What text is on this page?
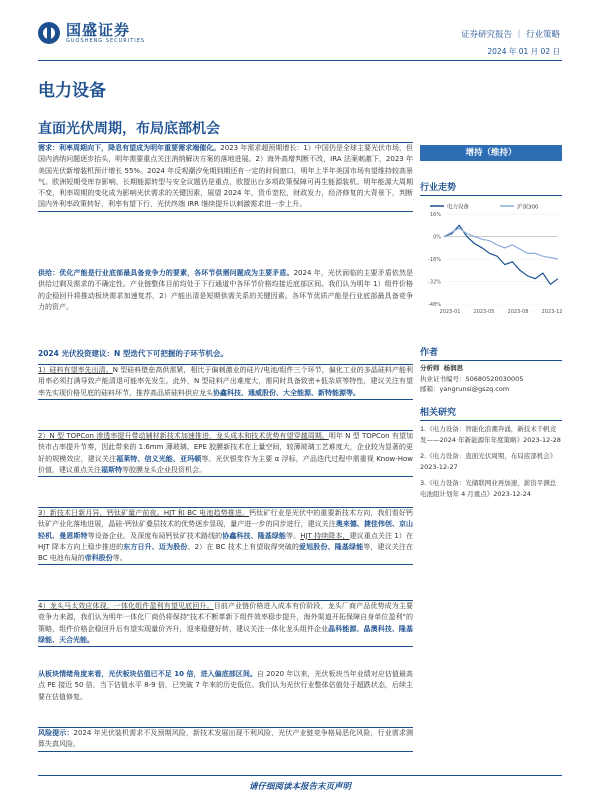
国盛证券
GUOSHENG SECURITIES
证券研究报告 ｜ 行业策略
2024 年 01 月 02 日
电力设备
直面光伏周期，布局底部机会
需求：利率周期向下，降息有望成为明年重要需求端催化。2023 年需求超预期增长：1）中国仍是全球主要光伏市场，但国内消纳问题逐步抬头，明年需要重点关注消纳解决方案的落地进展。2）海外高增判断不改，IRA 法案刺激下，2023 年美国光伏新增装机预计增长 55%。2024 年反观潮汐免期到期还有一定的时间窗口，明年上半年美国市场有望维持较高景气。欧洲短期受库存影响，长期能源转型与安全议题仍是重点，欧盟出台多项政策保障可再生能源装机。明年能源大周期不变，利率周期的变化成为影响光伏需求的关键因素，展望 2024 年，货币宽松，财政发力，经济修复的大背景下，判断国内外利率政策转好，利率有望下行，光伏终端 IRR 继续提升以刺激需求进一步上升。
供给：优化产能是行业底部最具备竞争力的要素，各环节供需问题成为主要矛盾。2024 年，光伏面临的主要矛盾依然是供给过剩及需求的不确定性。产业链整体目前均处于下行通道中各环节价格均接近底部区间。我们认为明年 1）组件价格的企稳回升将推动板块需求加速复苏，2）产能出清是短期供需关系的关键因素。各环节优质产能是行业底部最具备竞争力的资产。
2024 光伏投资建议：N 型迭代下可把握的子环节机会。
1）硅料有望率先出清。N 型硅料壁垒高供需紧，相比于偏刺激业的硅片/电池/组件三个环节，偏化工业的多晶硅料产能利用率必须打满导致产能清退可能率先发生。此外，N 型硅料产出难度大，需同时具备致密+低杂质等特性，建议关注有望率先实现价格见底的硅料环节，推荐高品质硅料供应龙头协鑫科技、通威股份、大全能源、新特能源等。
2）N 型 TOPCon 渗透率提升带动辅材新技术加速推进，龙头成本和技术优势有望穿越周期。明年 N 型 TOPCon 有望加快市占率提升节奏，因此带来的 1.6mm 薄玻璃、EPE 胶膜新技术在上量空间，较薄玻璃工艺难度大，企业较为显著的更好的规模效应，建议关注福莱特、信义光能、亚玛顿等。光伏银浆作为主要 α 浮标，产品迭代过程中需重视 Know-How 价值，建议重点关注福斯特等胶膜龙头企业投资机会。
3）新技术日新月异，钙钛矿量产前夜。HJT 和 BC 电池趋势推进。钙钛矿行业是光伏中的重要新技术方向，我们看好钙钛矿产业化落地进展，晶硅-钙钛矿叠层技术的优势逐步显现，量产进一步的同步进行，建议关注奥来德、捷佳伟创、京山轻机、曼恩斯特等设备企业。及深度布局钙钛矿技术路线的协鑫科技、隆基绿能等。HJT 持续降本，建议重点关注 1）在 HJT 降本方向上稳步推进的东方日升、迈为股份。2）在 BC 技术上有望取得突破的爱旭股份、隆基绿能等，建议关注在 BC 电池布局的帝科股份等。
4）龙头马太效应体现，一体化组件盈利有望见底回升。目前产业链价格进入成本有价阶段，龙头厂商产品优势成为主要竞争力来源，我们认为明年一体化厂商仍将保持"技术不断革新下组件效率稳步提升，海外渠道开拓保障自身单位盈利"的策略，组件价格企稳回升后有望实现量价齐升，迎来稳健好转，建议关注一体化龙头组件企业晶科能源、晶澳科技、隆基绿能、天合光能。
从板块情绪角度来看，光伏板块估值已不足 10 倍，进入偏底部区间。自 2020 年以来，光伏板块当年业绩对应估值最高点 PE 接近 50 倍，当下估值水平 8-9 倍，已突破 7 年来的历史低位。我们认为光伏行业整体估值处于超跌状态，后续主要在估值修复。
风险提示：2024 年光伏装机需求不及预期风险，新技术发展出现不利风险，光伏产业链竞争格局恶化风险，行业需求测算失真风险。
增持（维持）
行业走势
电力设备	沪深300
16%
0%
-16%
-32%
-48%
2023-01	2023-05	2023-08	2023-12
作者
分析师 杨润思
执业证书编号：S0680520030005
邮箱：yangrunsi@gszq.com
相关研究
1.《电力设备：智能化浪潮奔涌，新技术千帆竞发——2024 年新能源年年度策略》2023-12-28
2.《电力设备：直面光伏周期，布局底部机会》2023-12-27
3.《电力设备：光储联网业再加速，薪资平测总电池组计划年 4 月重点》2023-12-24
请仔细阅读本报告末页声明
